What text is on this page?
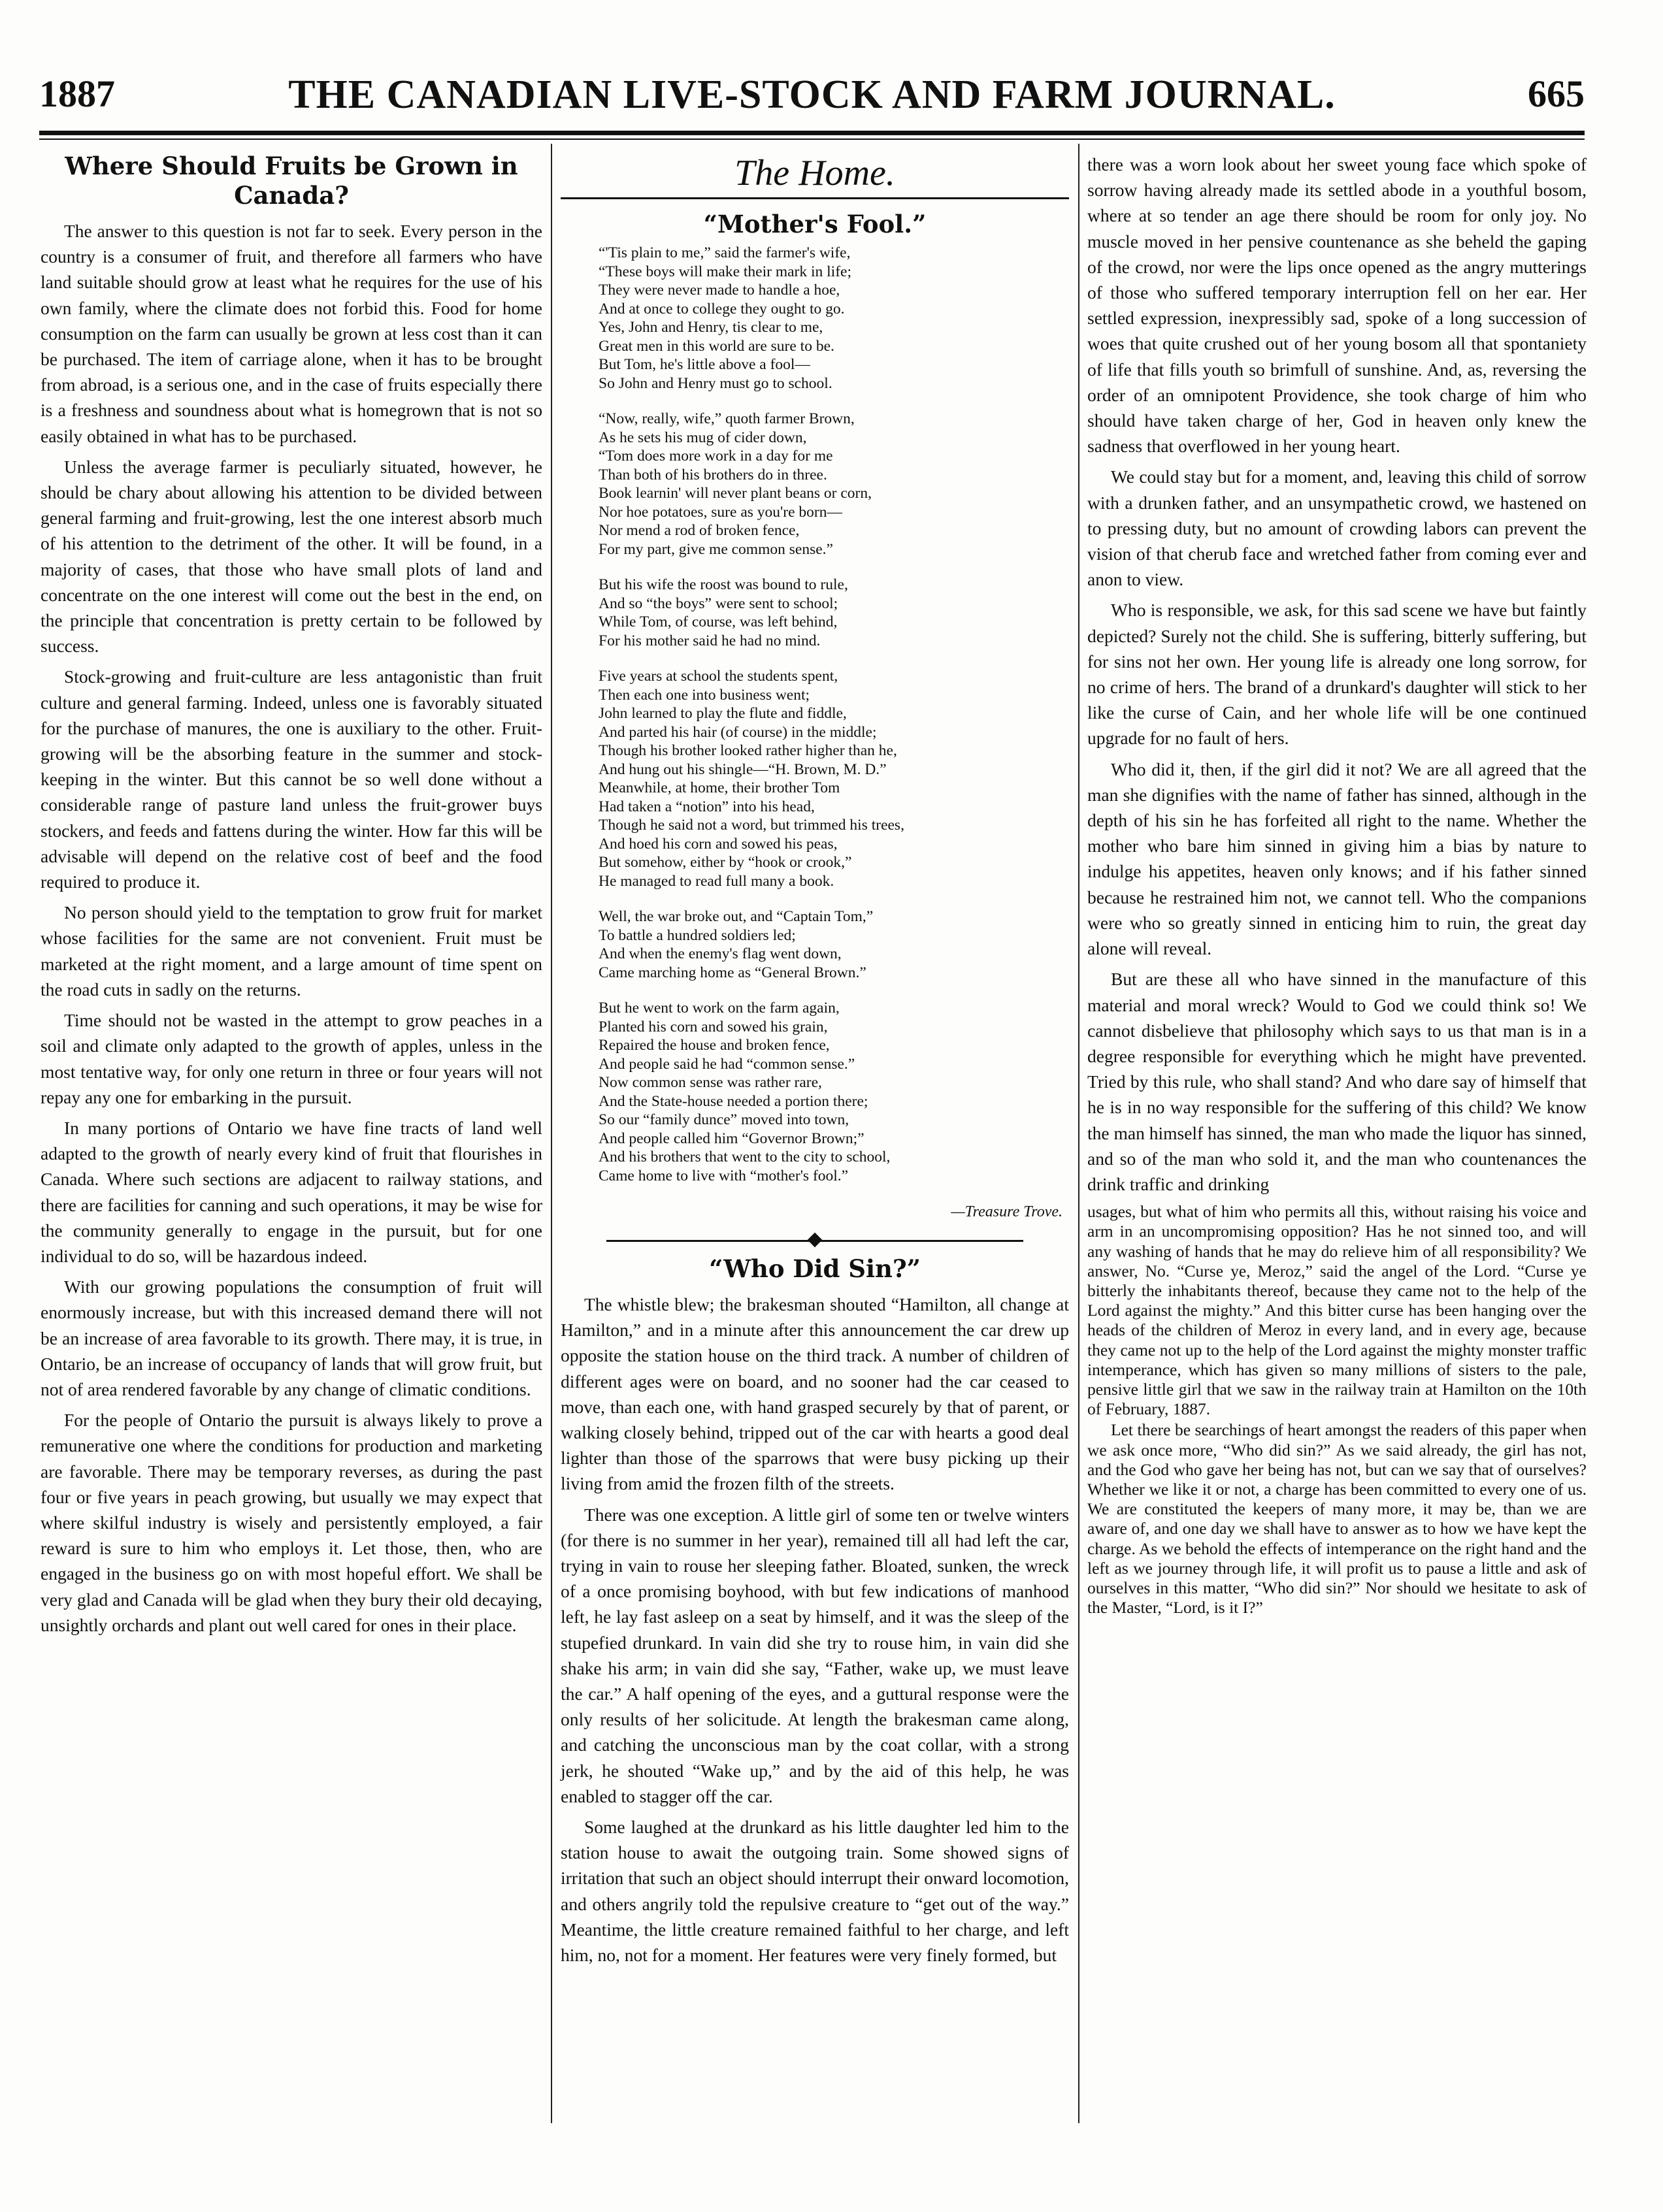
1887	THE CANADIAN LIVE-STOCK AND FARM JOURNAL.	665
Where Should Fruits be Grown in Canada?

The answer to this question is not far to seek. Every person in the country is a consumer of fruit, and therefore all farmers who have land suitable should grow at least what he requires for the use of his own family, where the climate does not forbid this. Food for home consumption on the farm can usually be grown at less cost than it can be purchased. The item of carriage alone, when it has to be brought from abroad, is a serious one, and in the case of fruits especially there is a freshness and soundness about what is homegrown that is not so easily obtained in what has to be purchased.

Unless the average farmer is peculiarly situated, however, he should be chary about allowing his attention to be divided between general farming and fruit-growing, lest the one interest absorb much of his attention to the detriment of the other. It will be found, in a majority of cases, that those who have small plots of land and concentrate on the one interest will come out the best in the end, on the principle that concentration is pretty certain to be followed by success.

Stock-growing and fruit-culture are less antagonistic than fruit culture and general farming. Indeed, unless one is favorably situated for the purchase of manures, the one is auxiliary to the other. Fruit-growing will be the absorbing feature in the summer and stock-keeping in the winter. But this cannot be so well done without a considerable range of pasture land unless the fruit-grower buys stockers, and feeds and fattens during the winter. How far this will be advisable will depend on the relative cost of beef and the food required to produce it.

No person should yield to the temptation to grow fruit for market whose facilities for the same are not convenient. Fruit must be marketed at the right moment, and a large amount of time spent on the road cuts in sadly on the returns.

Time should not be wasted in the attempt to grow peaches in a soil and climate only adapted to the growth of apples, unless in the most tentative way, for only one return in three or four years will not repay any one for embarking in the pursuit.

In many portions of Ontario we have fine tracts of land well adapted to the growth of nearly every kind of fruit that flourishes in Canada. Where such sections are adjacent to railway stations, and there are facilities for canning and such operations, it may be wise for the community generally to engage in the pursuit, but for one individual to do so, will be hazardous indeed.

With our growing populations the consumption of fruit will enormously increase, but with this increased demand there will not be an increase of area favorable to its growth. There may, it is true, in Ontario, be an increase of occupancy of lands that will grow fruit, but not of area rendered favorable by any change of climatic conditions.

For the people of Ontario the pursuit is always likely to prove a remunerative one where the conditions for production and marketing are favorable. There may be temporary reverses, as during the past four or five years in peach growing, but usually we may expect that where skilful industry is wisely and persistently employed, a fair reward is sure to him who employs it. Let those, then, who are engaged in the business go on with most hopeful effort. We shall be very glad and Canada will be glad when they bury their old decaying, unsightly orchards and plant out well cared for ones in their place.

The Home.
“Mother's Fool.”
“'Tis plain to me,” said the farmer's wife,
“These boys will make their mark in life;
They were never made to handle a hoe,
And at once to college they ought to go.
Yes, John and Henry, tis clear to me,
Great men in this world are sure to be.
But Tom, he's little above a fool—
So John and Henry must go to school.
“Now, really, wife,” quoth farmer Brown,
As he sets his mug of cider down,
“Tom does more work in a day for me
Than both of his brothers do in three.
Book learnin' will never plant beans or corn,
Nor hoe potatoes, sure as you're born—
Nor mend a rod of broken fence,
For my part, give me common sense.”
But his wife the roost was bound to rule,
And so “the boys” were sent to school;
While Tom, of course, was left behind,
For his mother said he had no mind.
Five years at school the students spent,
Then each one into business went;
John learned to play the flute and fiddle,
And parted his hair (of course) in the middle;
Though his brother looked rather higher than he,
And hung out his shingle—“H. Brown, M. D.”
Meanwhile, at home, their brother Tom
Had taken a “notion” into his head,
Though he said not a word, but trimmed his trees,
And hoed his corn and sowed his peas,
But somehow, either by “hook or crook,”
He managed to read full many a book.
Well, the war broke out, and “Captain Tom,”
To battle a hundred soldiers led;
And when the enemy's flag went down,
Came marching home as “General Brown.”
But he went to work on the farm again,
Planted his corn and sowed his grain,
Repaired the house and broken fence,
And people said he had “common sense.”
Now common sense was rather rare,
And the State-house needed a portion there;
So our “family dunce” moved into town,
And people called him “Governor Brown;”
And his brothers that went to the city to school,
Came home to live with “mother's fool.”
—Treasure Trove.
“Who Did Sin?”

The whistle blew; the brakesman shouted “Hamilton, all change at Hamilton,” and in a minute after this announcement the car drew up opposite the station house on the third track. A number of children of different ages were on board, and no sooner had the car ceased to move, than each one, with hand grasped securely by that of parent, or walking closely behind, tripped out of the car with hearts a good deal lighter than those of the sparrows that were busy picking up their living from amid the frozen filth of the streets.

There was one exception. A little girl of some ten or twelve winters (for there is no summer in her year), remained till all had left the car, trying in vain to rouse her sleeping father. Bloated, sunken, the wreck of a once promising boyhood, with but few indications of manhood left, he lay fast asleep on a seat by himself, and it was the sleep of the stupefied drunkard. In vain did she try to rouse him, in vain did she shake his arm; in vain did she say, “Father, wake up, we must leave the car.” A half opening of the eyes, and a guttural response were the only results of her solicitude. At length the brakesman came along, and catching the unconscious man by the coat collar, with a strong jerk, he shouted “Wake up,” and by the aid of this help, he was enabled to stagger off the car.

Some laughed at the drunkard as his little daughter led him to the station house to await the outgoing train. Some showed signs of irritation that such an object should interrupt their onward locomotion, and others angrily told the repulsive creature to “get out of the way.” Meantime, the little creature remained faithful to her charge, and left him, no, not for a moment. Her features were very finely formed, but

there was a worn look about her sweet young face which spoke of sorrow having already made its settled abode in a youthful bosom, where at so tender an age there should be room for only joy. No muscle moved in her pensive countenance as she beheld the gaping of the crowd, nor were the lips once opened as the angry mutterings of those who suffered temporary interruption fell on her ear. Her settled expression, inexpressibly sad, spoke of a long succession of woes that quite crushed out of her young bosom all that spontaniety of life that fills youth so brimfull of sunshine. And, as, reversing the order of an omnipotent Providence, she took charge of him who should have taken charge of her, God in heaven only knew the sadness that overflowed in her young heart.

We could stay but for a moment, and, leaving this child of sorrow with a drunken father, and an unsympathetic crowd, we hastened on to pressing duty, but no amount of crowding labors can prevent the vision of that cherub face and wretched father from coming ever and anon to view.

Who is responsible, we ask, for this sad scene we have but faintly depicted? Surely not the child. She is suffering, bitterly suffering, but for sins not her own. Her young life is already one long sorrow, for no crime of hers. The brand of a drunkard's daughter will stick to her like the curse of Cain, and her whole life will be one continued upgrade for no fault of hers.

Who did it, then, if the girl did it not? We are all agreed that the man she dignifies with the name of father has sinned, although in the depth of his sin he has forfeited all right to the name. Whether the mother who bare him sinned in giving him a bias by nature to indulge his appetites, heaven only knows; and if his father sinned because he restrained him not, we cannot tell. Who the companions were who so greatly sinned in enticing him to ruin, the great day alone will reveal.

But are these all who have sinned in the manufacture of this material and moral wreck? Would to God we could think so! We cannot disbelieve that philosophy which says to us that man is in a degree responsible for everything which he might have prevented. Tried by this rule, who shall stand? And who dare say of himself that he is in no way responsible for the suffering of this child? We know the man himself has sinned, the man who made the liquor has sinned, and so of the man who sold it, and the man who countenances the drink traffic and drinking

usages, but what of him who permits all this, without raising his voice and arm in an uncompromising opposition? Has he not sinned too, and will any washing of hands that he may do relieve him of all responsibility? We answer, No. “Curse ye, Meroz,” said the angel of the Lord. “Curse ye bitterly the inhabitants thereof, because they came not to the help of the Lord against the mighty.” And this bitter curse has been hanging over the heads of the children of Meroz in every land, and in every age, because they came not up to the help of the Lord against the mighty monster traffic intemperance, which has given so many millions of sisters to the pale, pensive little girl that we saw in the railway train at Hamilton on the 10th of February, 1887.

Let there be searchings of heart amongst the readers of this paper when we ask once more, “Who did sin?” As we said already, the girl has not, and the God who gave her being has not, but can we say that of ourselves? Whether we like it or not, a charge has been committed to every one of us. We are constituted the keepers of many more, it may be, than we are aware of, and one day we shall have to answer as to how we have kept the charge. As we behold the effects of intemperance on the right hand and the left as we journey through life, it will profit us to pause a little and ask of ourselves in this matter, “Who did sin?” Nor should we hesitate to ask of the Master, “Lord, is it I?”
